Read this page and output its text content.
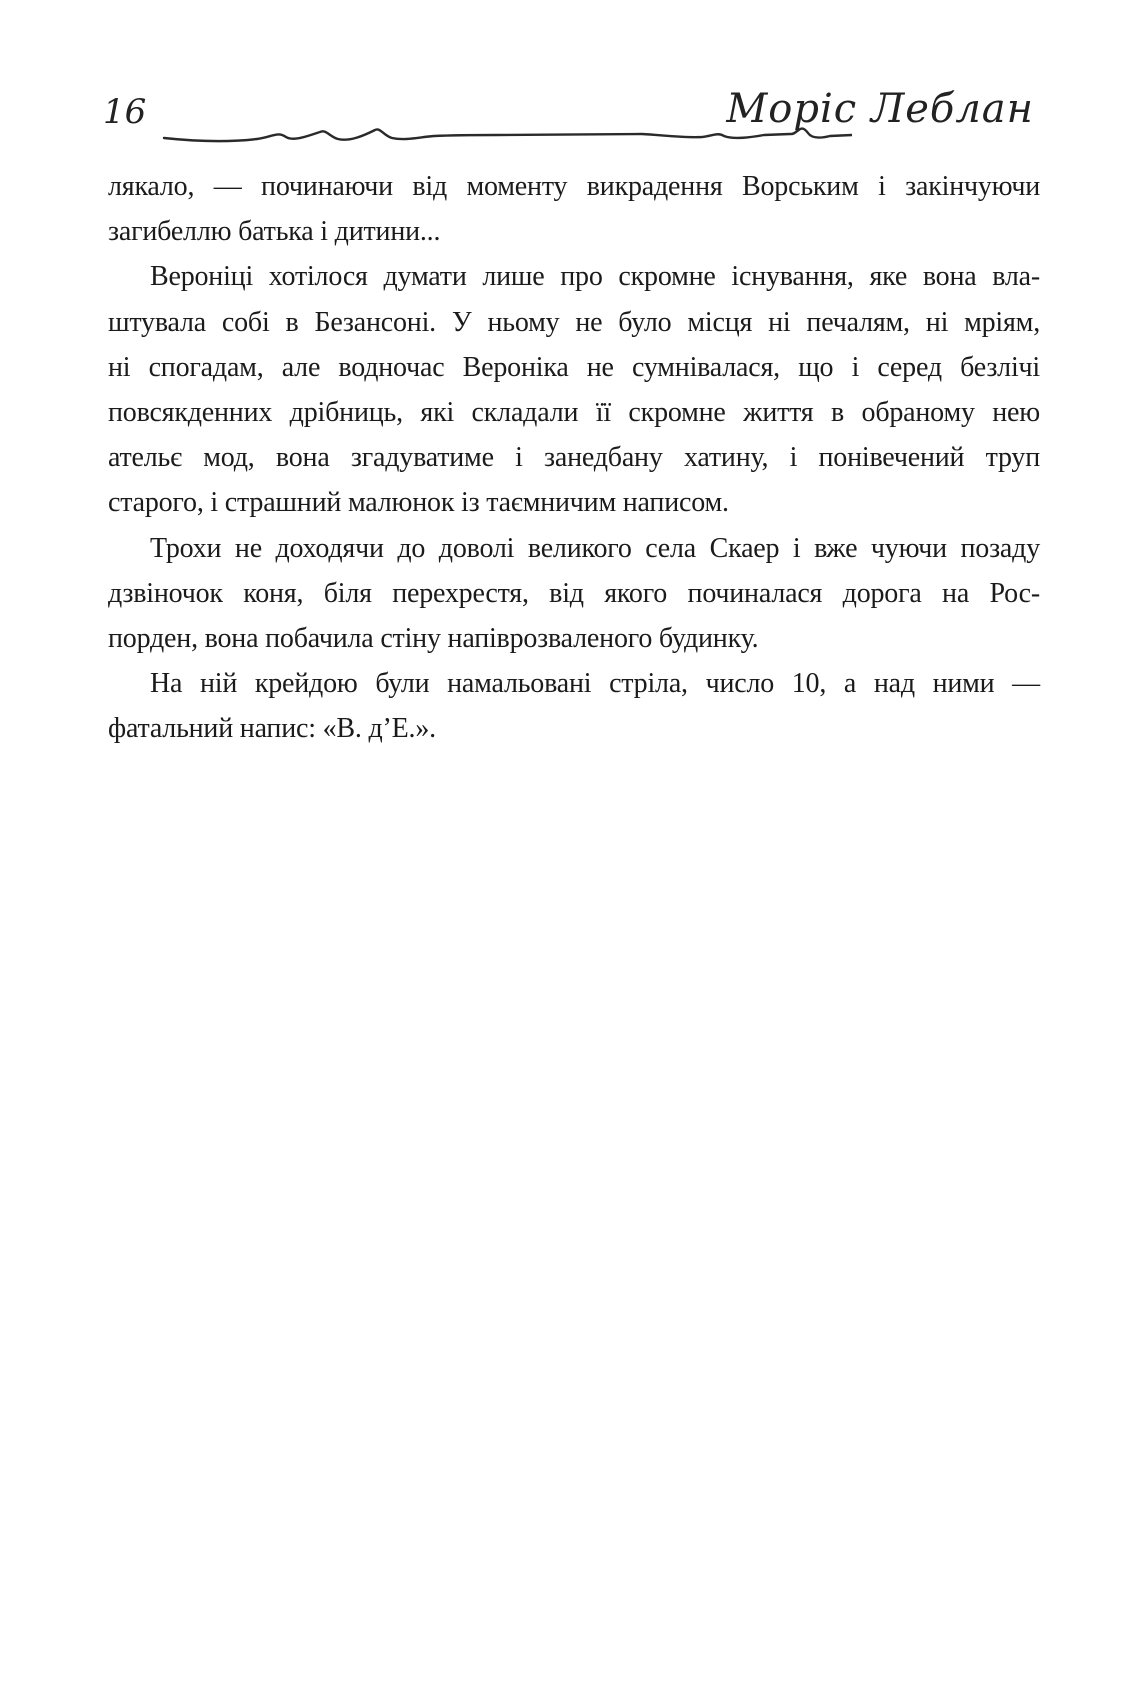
16	Моріс Леблан
лякало, — починаючи від моменту викрадення Ворським і закінчуючи
загибеллю батька і дитини...
Вероніці хотілося думати лише про скромне існування, яке вона вла-
штувала собі в Безансоні. У ньому не було місця ні печалям, ні мріям,
ні спогадам, але водночас Вероніка не сумнівалася, що і серед безлічі
повсякденних дрібниць, які складали її скромне життя в обраному нею
ательє мод, вона згадуватиме і занедбану хатину, і понівечений труп
старого, і страшний малюнок із таємничим написом.
Трохи не доходячи до доволі великого села Скаер і вже чуючи позаду
дзвіночок коня, біля перехрестя, від якого починалася дорога на Рос-
порден, вона побачила стіну напіврозваленого будинку.
На ній крейдою були намальовані стріла, число 10, а над ними —
фатальний напис: «В. д’Е.».
